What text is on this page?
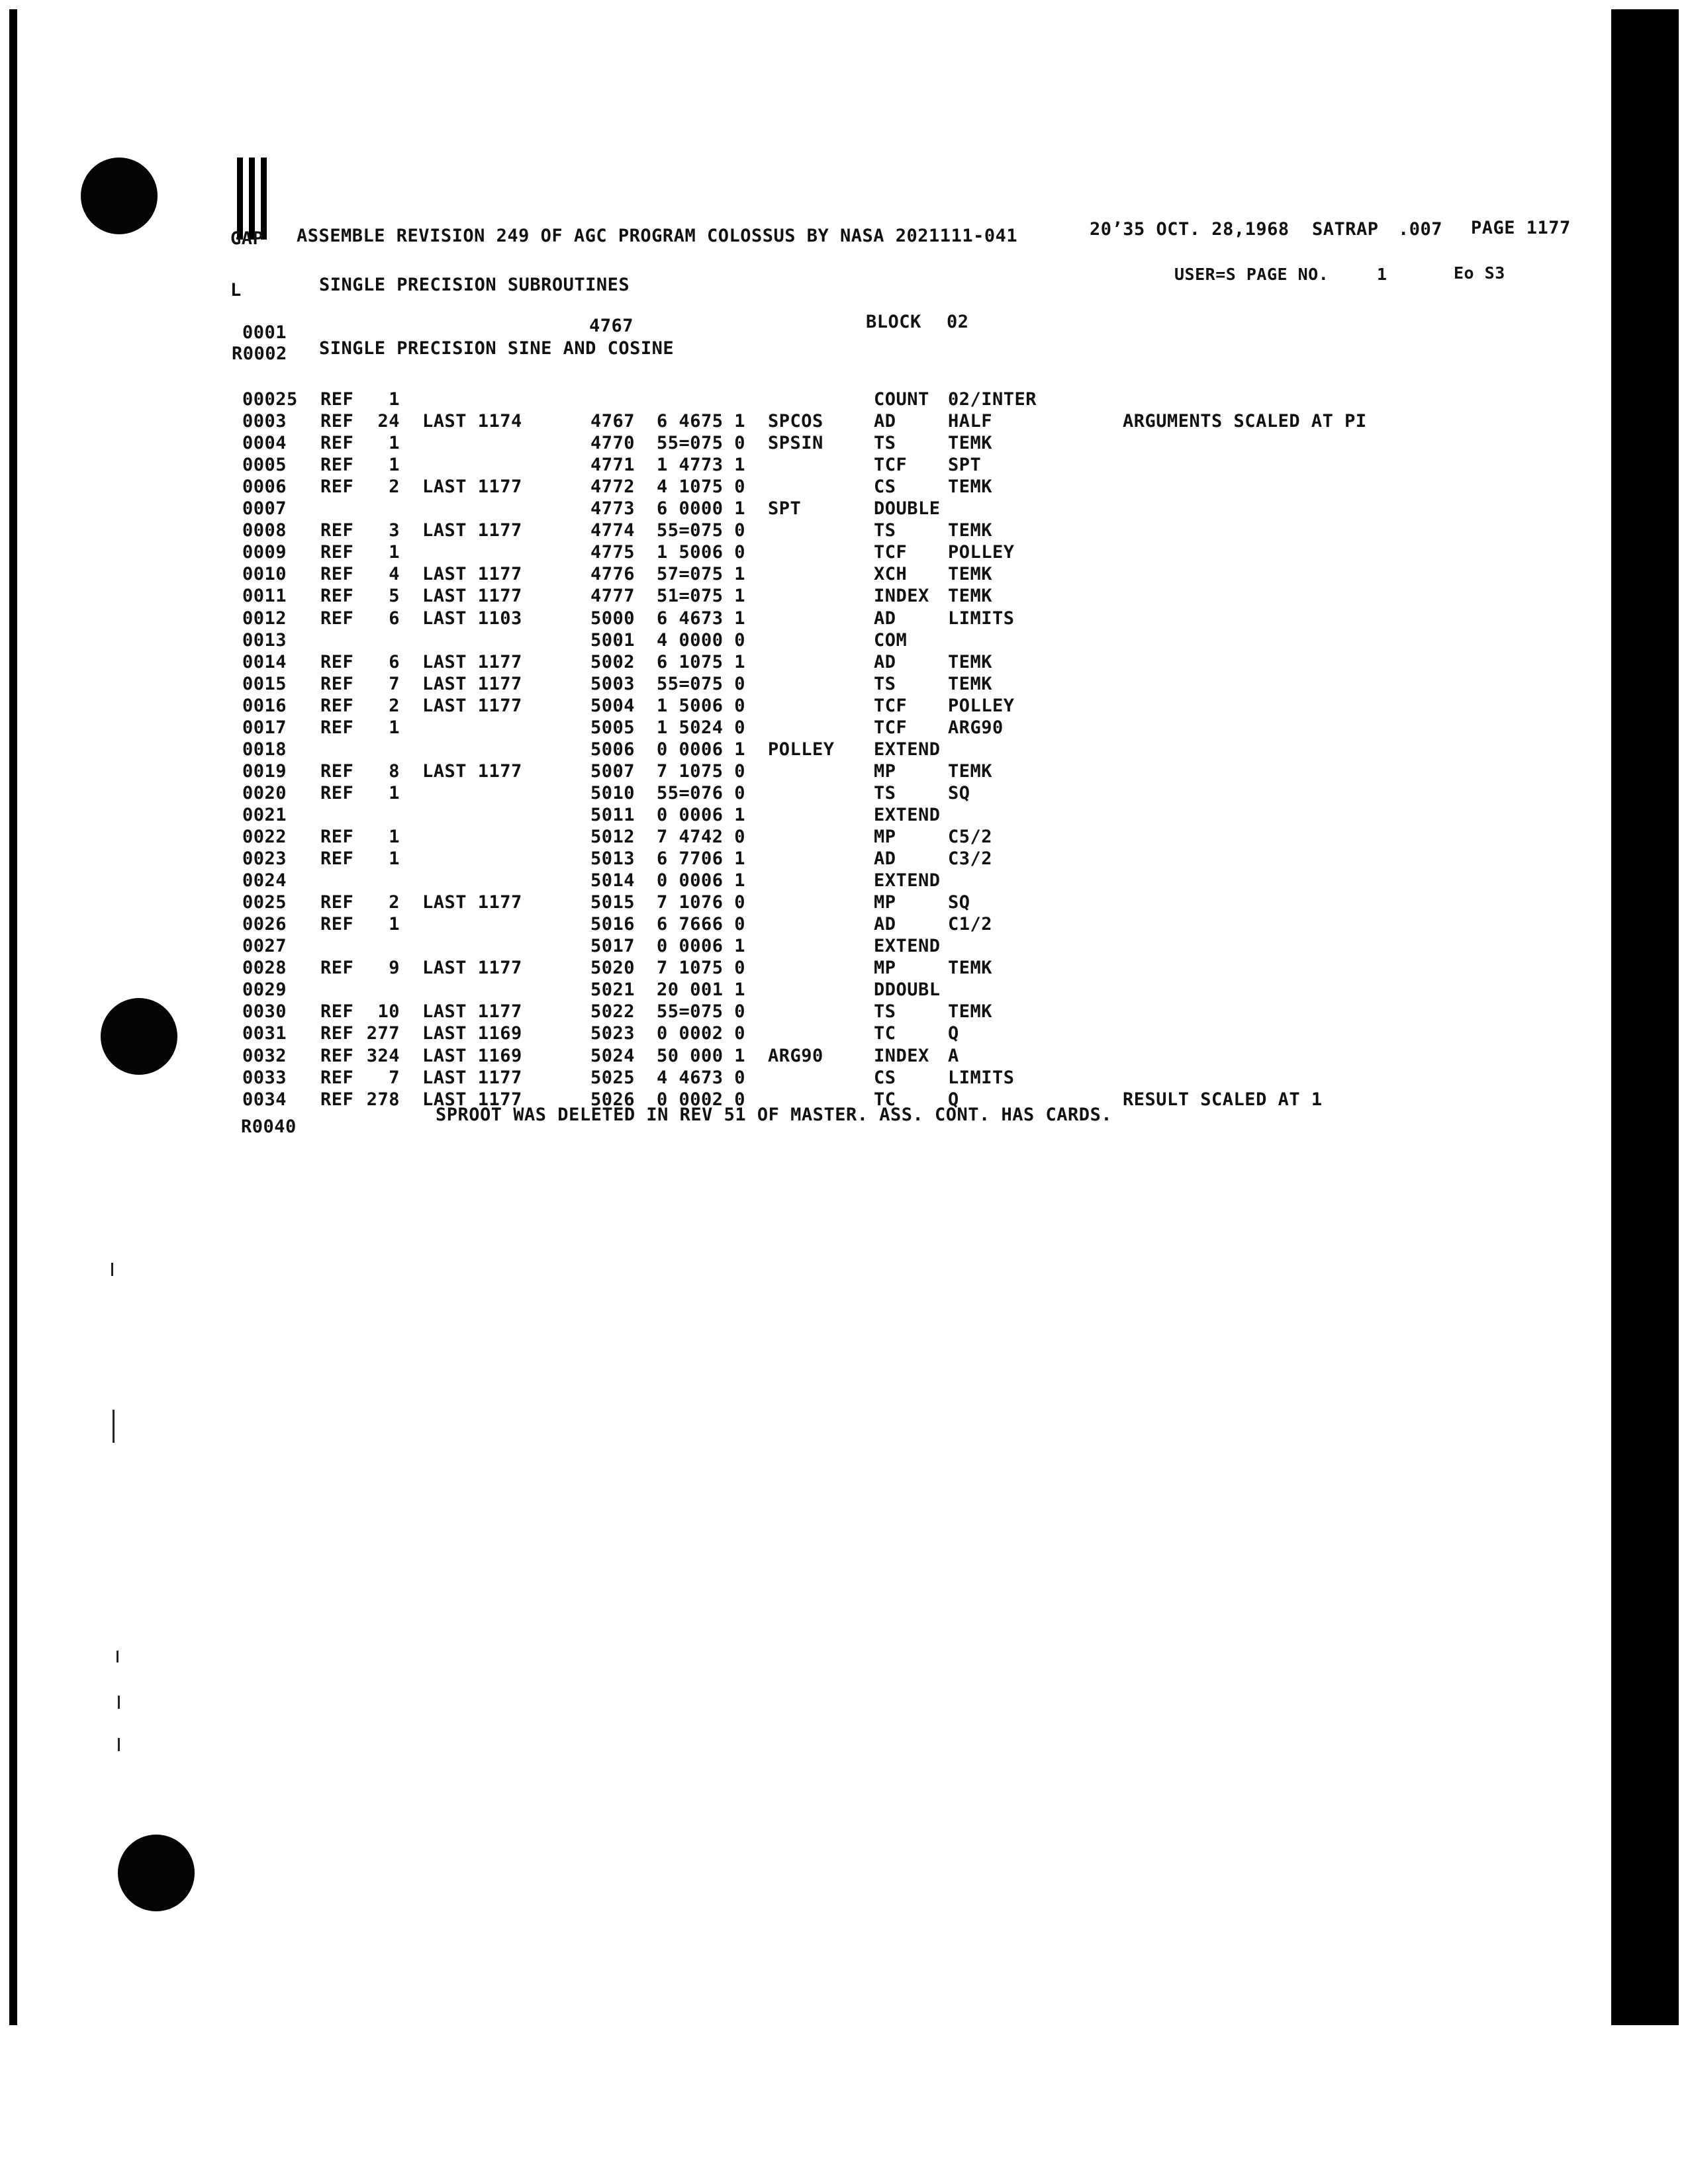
GAP ASSEMBLE REVISION 249 OF AGC PROGRAM COLOSSUS BY NASA 2021111-041	20’35 OCT. 28,1968 SATRAP .007 PAGE 1177
USER=S PAGE NO.	1	Eo S3
L	SINGLE PRECISION SUBROUTINES
0001	4767	BLOCK 02
R0002 SINGLE PRECISION SINE AND COSINE
00025 REF 1	COUNT 02/INTER
0003 REF 24 LAST 1174	4767 6 4675 1 SPCOS	AD	HALF	ARGUMENTS SCALED AT PI
0004 REF 1	4770 55=075 0 SPSIN	TS	TEMK
0005 REF 1	4771 1 4773 1	TCF SPT
0006 REF 2 LAST 1177	4772 4 1075 0	CS	TEMK
0007	4773 6 0000 1 SPT	DOUBLE
0008 REF 3 LAST 1177	4774 55=075 0	TS	TEMK
0009 REF 1	4775 1 5006 0	TCF POLLEY
0010 REF 4 LAST 1177	4776 57=075 1	XCH TEMK
0011 REF 5 LAST 1177	4777 51=075 1	INDEX TEMK
0012 REF 6 LAST 1103	5000 6 4673 1	AD	LIMITS
0013	5001 4 0000 0	COM
0014 REF 6 LAST 1177	5002 6 1075 1	AD	TEMK
0015 REF 7 LAST 1177	5003 55=075 0	TS	TEMK
0016 REF 2 LAST 1177	5004 1 5006 0	TCF POLLEY
0017 REF 1	5005 1 5024 0	TCF ARG90
0018	5006 0 0006 1 POLLEY EXTEND
0019 REF 8 LAST 1177	5007 7 1075 0	MP	TEMK
0020 REF 1	5010 55=076 0	TS	SQ
0021	5011 0 0006 1	EXTEND
0022 REF 1	5012 7 4742 0	MP	C5/2
0023 REF 1	5013 6 7706 1	AD	C3/2
0024	5014 0 0006 1	EXTEND
0025 REF 2 LAST 1177	5015 7 1076 0	MP	SQ
0026 REF 1	5016 6 7666 0	AD	C1/2
0027	5017 0 0006 1	EXTEND
0028 REF 9 LAST 1177	5020 7 1075 0	MP	TEMK
0029	5021 20 001 1	DDOUBL
0030 REF 10 LAST 1177	5022 55=075 0	TS	TEMK
0031 REF 277 LAST 1169	5023 0 0002 0	TC	Q
0032 REF 324 LAST 1169	5024 50 000 1 ARG90	INDEX A
0033 REF 7 LAST 1177	5025 4 4673 0	CS	LIMITS
0034 REF 278 LAST 1177	5026 0 0002 0	TC	Q	RESULT SCALED AT 1
R0040
SPROOT WAS DELETED IN REV 51 OF MASTER. ASS. CONT. HAS CARDS.
